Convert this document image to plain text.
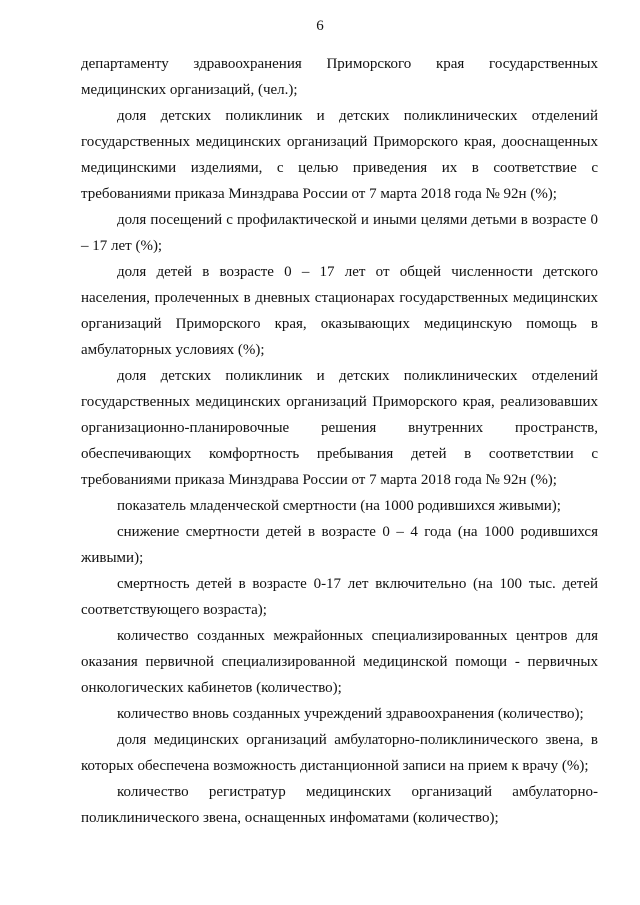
6

департаменту здравоохранения Приморского края государственных медицинских организаций, (чел.);

доля детских поликлиник и детских поликлинических отделений государственных медицинских организаций Приморского края, дооснащенных медицинскими изделиями, с целью приведения их в соответствие с требованиями приказа Минздрава России от 7 марта 2018 года № 92н (%);

доля посещений с профилактической и иными целями детьми в возрасте 0 – 17 лет (%);

доля детей в возрасте 0 – 17 лет от общей численности детского населения, пролеченных в дневных стационарах государственных медицинских организаций Приморского края, оказывающих медицинскую помощь в амбулаторных условиях (%);

доля детских поликлиник и детских поликлинических отделений государственных медицинских организаций Приморского края, реализовавших организационно-планировочные решения внутренних пространств, обеспечивающих комфортность пребывания детей в соответствии с требованиями приказа Минздрава России от 7 марта 2018 года № 92н (%);

показатель младенческой смертности (на 1000 родившихся живыми);

снижение смертности детей в возрасте 0 – 4 года (на 1000 родившихся живыми);

смертность детей в возрасте 0-17 лет включительно (на 100 тыс. детей соответствующего возраста);

количество созданных межрайонных специализированных центров для оказания первичной специализированной медицинской помощи - первичных онкологических кабинетов (количество);

количество вновь созданных учреждений здравоохранения (количество);

доля медицинских организаций амбулаторно-поликлинического звена, в которых обеспечена возможность дистанционной записи на прием к врачу (%);

количество регистратур медицинских организаций амбулаторно-поликлинического звена, оснащенных инфоматами (количество);
